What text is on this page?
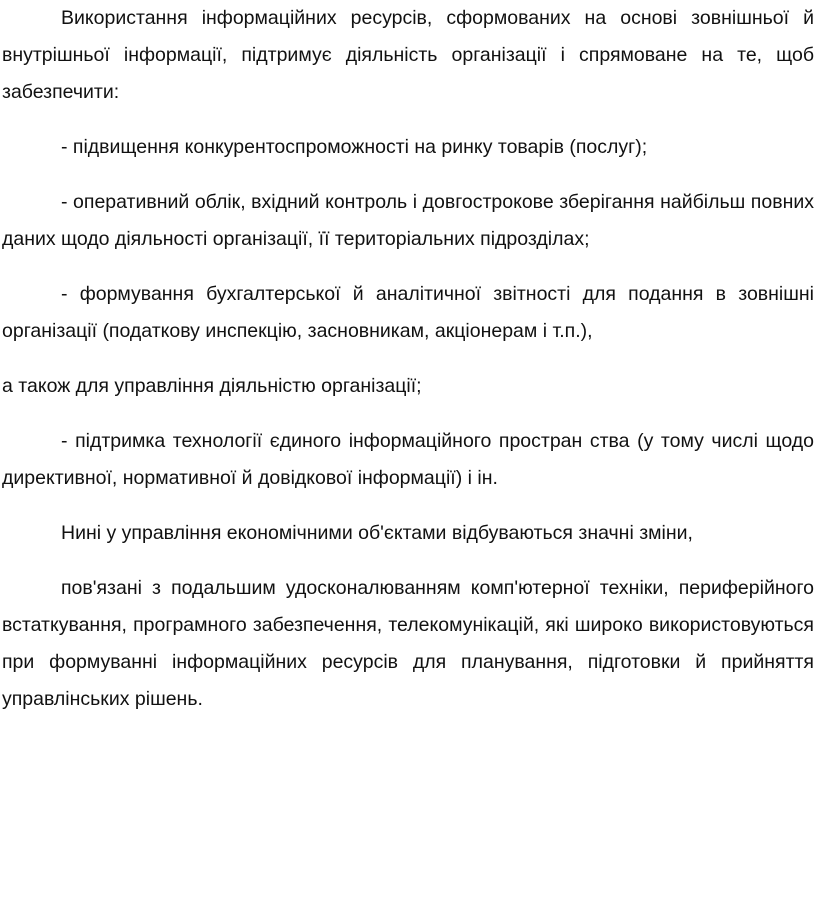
Використання інформаційних ресурсів, сформованих на основі зовнішньої й внутрішньої інформації, підтримує діяльність організації і спрямоване на те, щоб забезпечити:

- підвищення конкурентоспроможності на ринку товарів (послуг);

- оперативний облік, вхідний контроль і довгострокове зберігання найбільш повних даних щодо діяльності організації, її територіальних підрозділах;

- формування бухгалтерської й аналітичної звітності для подання в зовнішні організації (податкову инспекцію, засновникам, акціонерам і т.п.),

а також для управління діяльністю організації;

- підтримка технології єдиного інформаційного простран ства (у тому числі щодо директивної, нормативної й довідкової інформації) і ін.

Нині у управління економічними об'єктами відбуваються значні зміни,

пов'язані з подальшим удосконалюванням комп'ютерної техніки, периферійного встаткування, програмного забезпечення, телекомунікацій, які широко використовуються при формуванні інформаційних ресурсів для планування, підготовки й прийняття управлінських рішень.
